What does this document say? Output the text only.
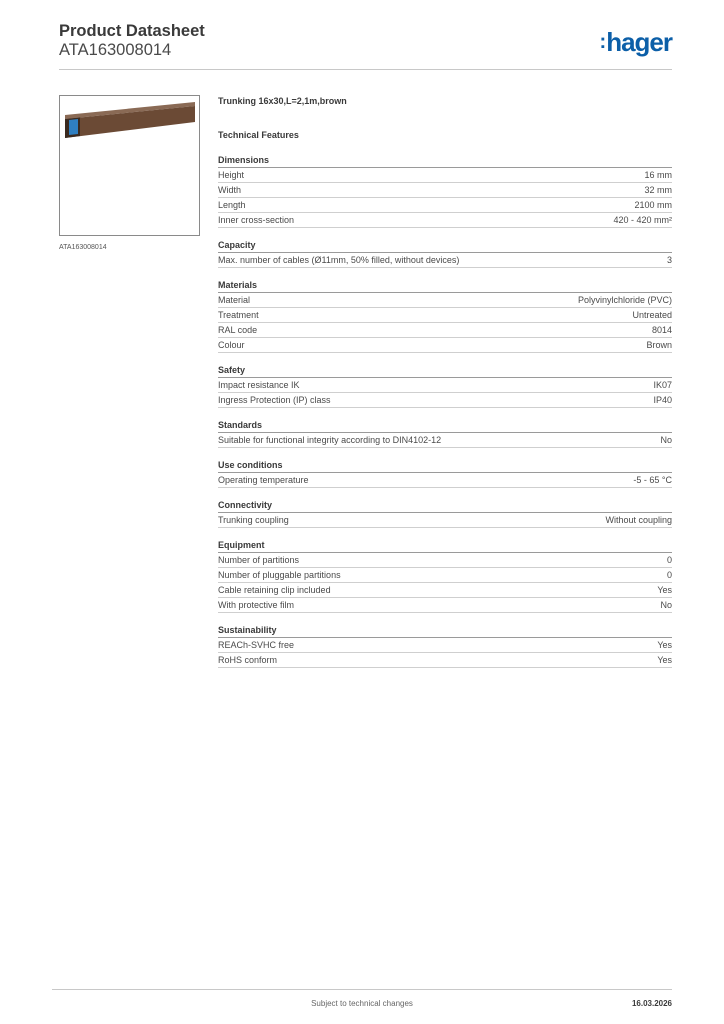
Product Datasheet
ATA163008014	:hager
ATA163008014
Trunking 16x30,L=2,1m,brown
Technical Features
Dimensions
Height	16 mm
Width	32 mm
Length	2100 mm
Inner cross-section	420 - 420 mm²
Capacity
Max. number of cables (Ø11mm, 50% filled, without devices)	3
Materials
Material	Polyvinylchloride (PVC)
Treatment	Untreated
RAL code	8014
Colour	Brown
Safety
Impact resistance IK	IK07
Ingress Protection (IP) class	IP40
Standards
Suitable for functional integrity according to DIN4102-12	No
Use conditions
Operating temperature	-5 - 65 °C
Connectivity
Trunking coupling	Without coupling
Equipment
Number of partitions	0
Number of pluggable partitions	0
Cable retaining clip included	Yes
With protective film	No
Sustainability
REACh-SVHC free	Yes
RoHS conform	Yes
Subject to technical changes	16.03.2026
